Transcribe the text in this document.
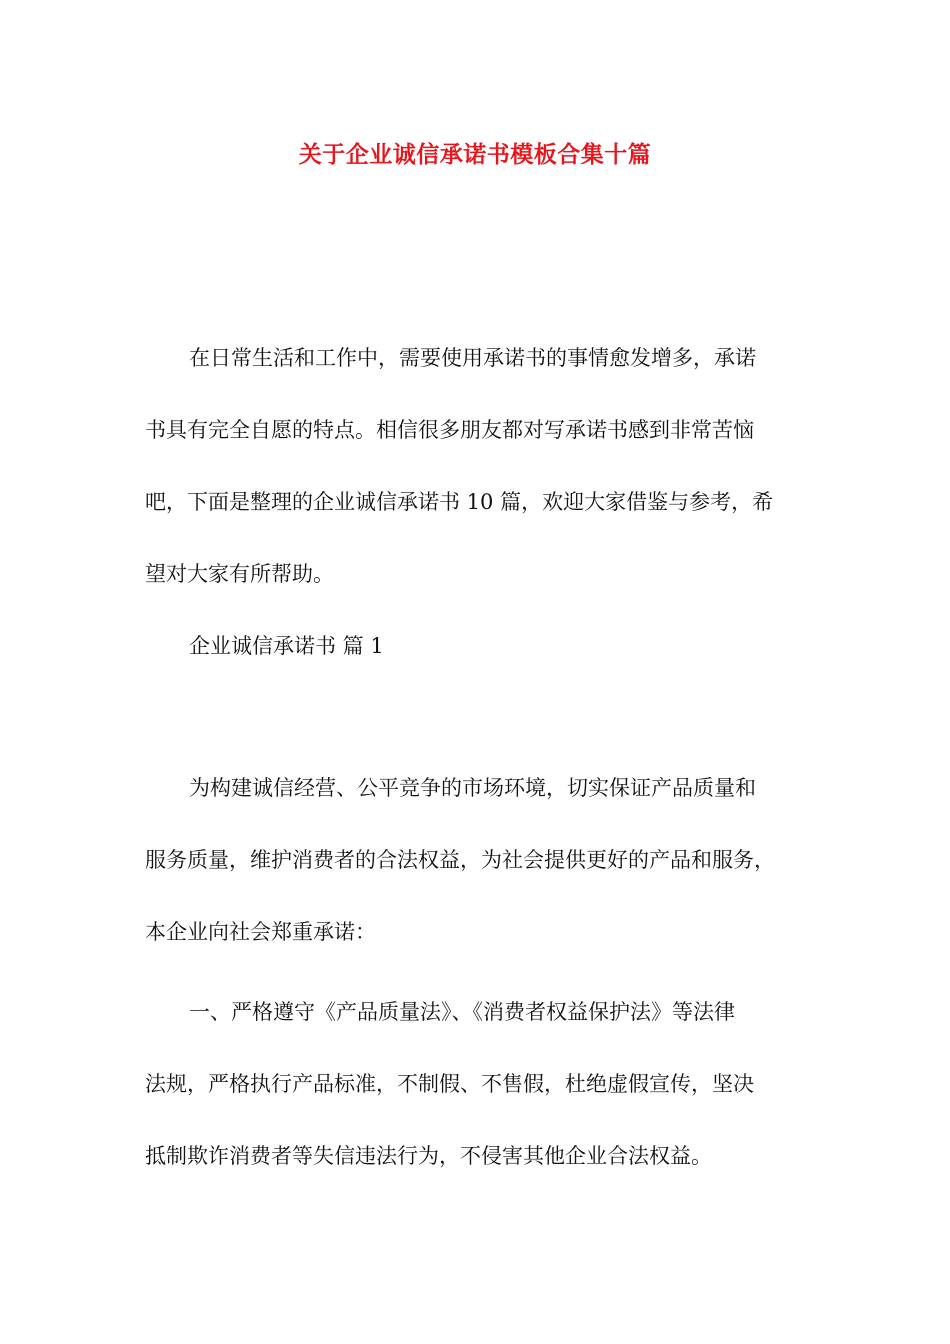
关于企业诚信承诺书模板合集十篇
在日常生活和工作中，需要使用承诺书的事情愈发增多，承诺
书具有完全自愿的特点。相信很多朋友都对写承诺书感到非常苦恼
吧，下面是整理的企业诚信承诺书 10 篇，欢迎大家借鉴与参考，希
望对大家有所帮助。
企业诚信承诺书 篇 1
为构建诚信经营、公平竞争的市场环境，切实保证产品质量和
服务质量，维护消费者的合法权益，为社会提供更好的产品和服务，
本企业向社会郑重承诺：
一、严格遵守《产品质量法》、《消费者权益保护法》等法律
法规，严格执行产品标准，不制假、不售假，杜绝虚假宣传，坚决
抵制欺诈消费者等失信违法行为，不侵害其他企业合法权益。
